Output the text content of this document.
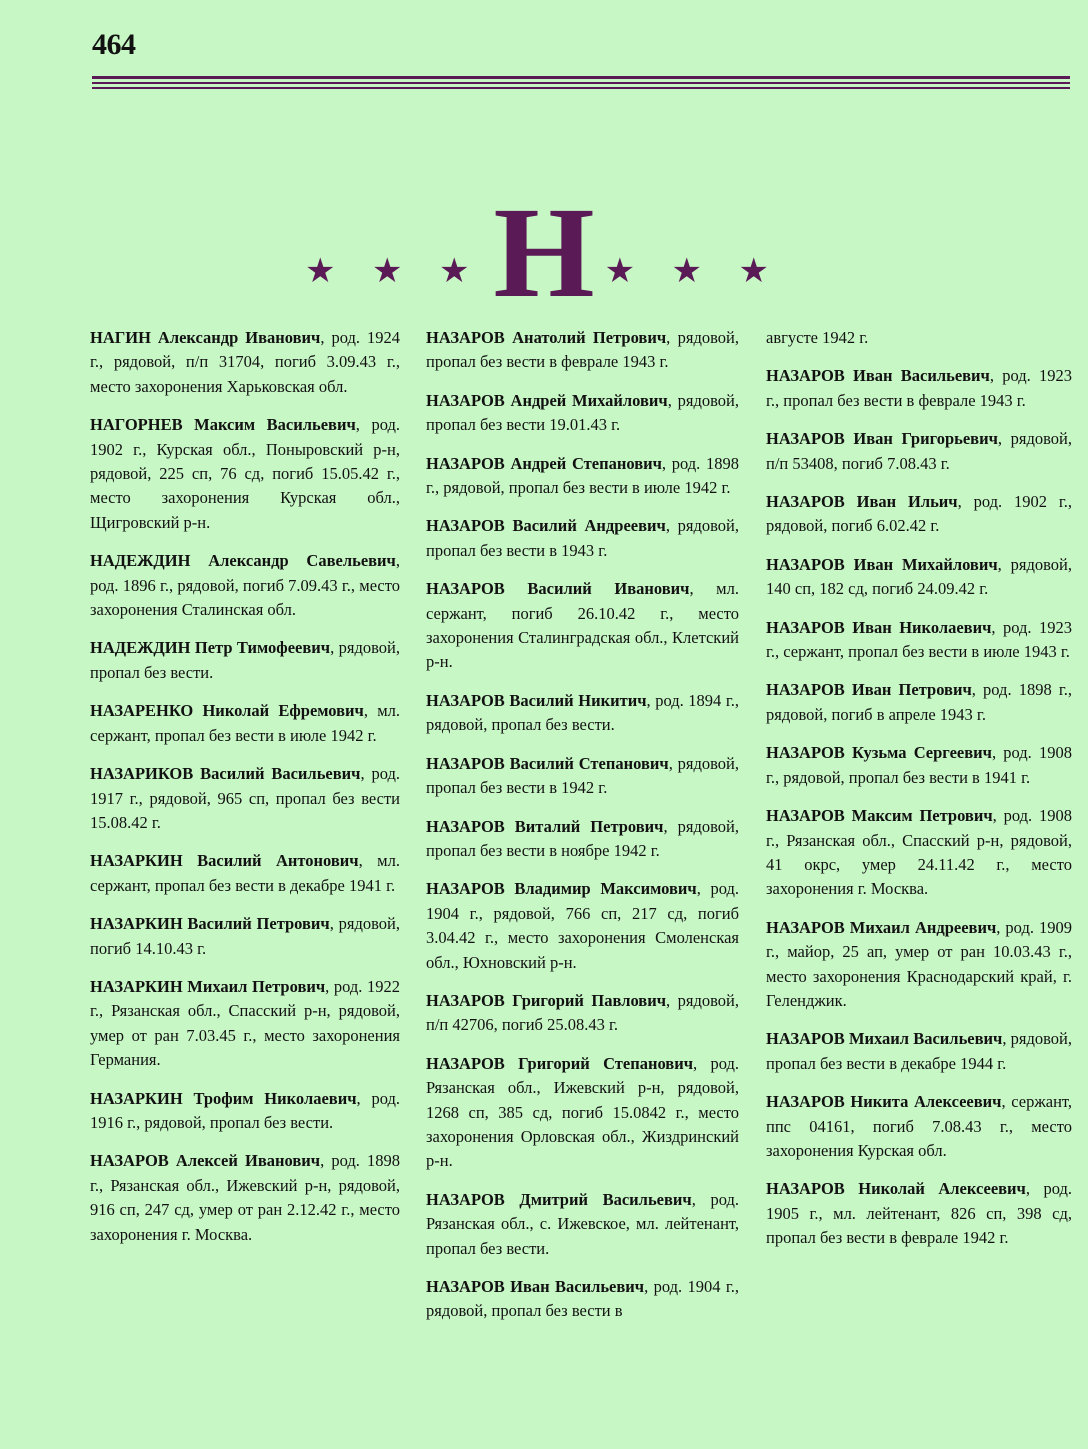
464
★ ★ ★Н ★ ★ ★

НАГИН Александр Иванович, род. 1924 г., рядовой, п/п 31704, погиб 3.09.43 г., место захоронения Харьковская обл.

НАГОРНЕВ Максим Васильевич, род. 1902 г., Курская обл., Поныровский р-н, рядовой, 225 сп, 76 сд, погиб 15.05.42 г., место захоронения Курская обл., Щигровский р-н.

НАДЕЖДИН Александр Савельевич, род. 1896 г., рядовой, погиб 7.09.43 г., место захоронения Сталинская обл.

НАДЕЖДИН Петр Тимофеевич, рядовой, пропал без вести.

НАЗАРЕНКО Николай Ефремович, мл. сержант, пропал без вести в июле 1942 г.

НАЗАРИКОВ Василий Васильевич, род. 1917 г., рядовой, 965 сп, пропал без вести 15.08.42 г.

НАЗАРКИН Василий Антонович, мл. сержант, пропал без вести в декабре 1941 г.

НАЗАРКИН Василий Петрович, рядовой, погиб 14.10.43 г.

НАЗАРКИН Михаил Петрович, род. 1922 г., Рязанская обл., Спасский р-н, рядовой, умер от ран 7.03.45 г., место захоронения Германия.

НАЗАРКИН Трофим Николаевич, род. 1916 г., рядовой, пропал без вести.

НАЗАРОВ Алексей Иванович, род. 1898 г., Рязанская обл., Ижевский р-н, рядовой, 916 сп, 247 сд, умер от ран 2.12.42 г., место захоронения г. Москва.

НАЗАРОВ Анатолий Петрович, рядовой, пропал без вести в феврале 1943 г.

НАЗАРОВ Андрей Михайлович, рядовой, пропал без вести 19.01.43 г.

НАЗАРОВ Андрей Степанович, род. 1898 г., рядовой, пропал без вести в июле 1942 г.

НАЗАРОВ Василий Андреевич, рядовой, пропал без вести в 1943 г.

НАЗАРОВ Василий Иванович, мл. сержант, погиб 26.10.42 г., место захоронения Сталинградская обл., Клетский р-н.

НАЗАРОВ Василий Никитич, род. 1894 г., рядовой, пропал без вести.

НАЗАРОВ Василий Степанович, рядовой, пропал без вести в 1942 г.

НАЗАРОВ Виталий Петрович, рядовой, пропал без вести в ноябре 1942 г.

НАЗАРОВ Владимир Максимович, род. 1904 г., рядовой, 766 сп, 217 сд, погиб 3.04.42 г., место захоронения Смоленская обл., Юхновский р-н.

НАЗАРОВ Григорий Павлович, рядовой, п/п 42706, погиб 25.08.43 г.

НАЗАРОВ Григорий Степанович, род. Рязанская обл., Ижевский р-н, рядовой, 1268 сп, 385 сд, погиб 15.0842 г., место захоронения Орловская обл., Жиздринский р-н.

НАЗАРОВ Дмитрий Васильевич, род. Рязанская обл., с. Ижевское, мл. лейтенант, пропал без вести.

НАЗАРОВ Иван Васильевич, род. 1904 г., рядовой, пропал без вести в

августе 1942 г.

НАЗАРОВ Иван Васильевич, род. 1923 г., пропал без вести в феврале 1943 г.

НАЗАРОВ Иван Григорьевич, рядовой, п/п 53408, погиб 7.08.43 г.

НАЗАРОВ Иван Ильич, род. 1902 г., рядовой, погиб 6.02.42 г.

НАЗАРОВ Иван Михайлович, рядовой, 140 сп, 182 сд, погиб 24.09.42 г.

НАЗАРОВ Иван Николаевич, род. 1923 г., сержант, пропал без вести в июле 1943 г.

НАЗАРОВ Иван Петрович, род. 1898 г., рядовой, погиб в апреле 1943 г.

НАЗАРОВ Кузьма Сергеевич, род. 1908 г., рядовой, пропал без вести в 1941 г.

НАЗАРОВ Максим Петрович, род. 1908 г., Рязанская обл., Спасский р-н, рядовой, 41 окрс, умер 24.11.42 г., место захоронения г. Москва.

НАЗАРОВ Михаил Андреевич, род. 1909 г., майор, 25 ап, умер от ран 10.03.43 г., место захоронения Краснодарский край, г. Геленджик.

НАЗАРОВ Михаил Васильевич, рядовой, пропал без вести в декабре 1944 г.

НАЗАРОВ Никита Алексеевич, сержант, ппс 04161, погиб 7.08.43 г., место захоронения Курская обл.

НАЗАРОВ Николай Алексеевич, род. 1905 г., мл. лейтенант, 826 сп, 398 сд, пропал без вести в феврале 1942 г.
